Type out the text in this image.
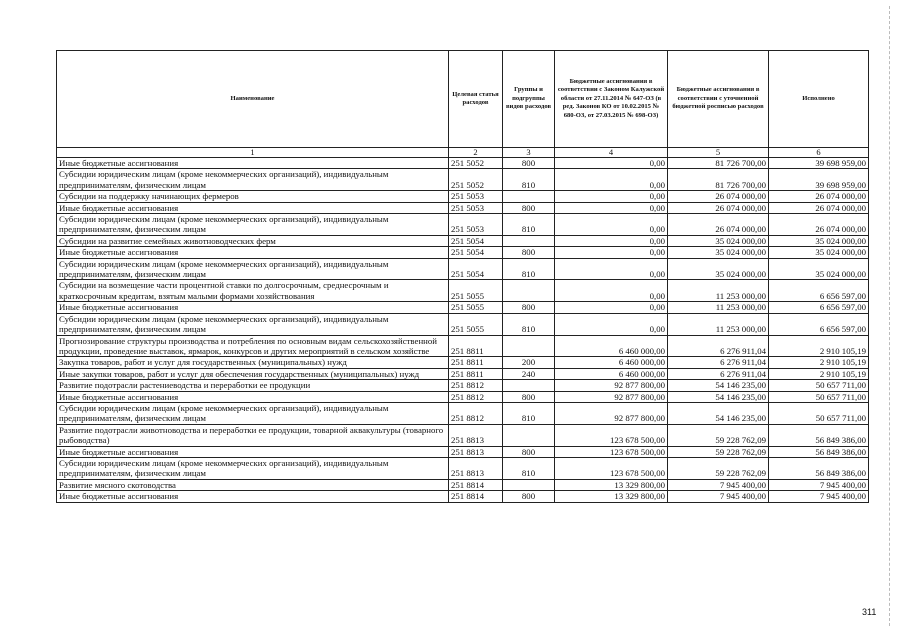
Наименование	Целевая статья расходов	Группы и подгруппы видов расходов	Бюджетные ассигнования в соответствии с Законом Калужской области от 27.11.2014 № 647-ОЗ (в ред. Законов КО от 10.02.2015 № 680-ОЗ, от 27.03.2015 № 698-ОЗ)	Бюджетные ассигнования в соответствии с уточненной бюджетной росписью расходов	Исполнено
1	2	3	4	5	6
Иные бюджетные ассигнования	251 5052	800	0,00	81 726 700,00	39 698 959,00
Субсидии юридическим лицам (кроме некоммерческих организаций), индивидуальным предпринимателям, физическим лицам	251 5052	810	0,00	81 726 700,00	39 698 959,00
Субсидии на поддержку начинающих фермеров	251 5053		0,00	26 074 000,00	26 074 000,00
Иные бюджетные ассигнования	251 5053	800	0,00	26 074 000,00	26 074 000,00
Субсидии юридическим лицам (кроме некоммерческих организаций), индивидуальным предпринимателям, физическим лицам	251 5053	810	0,00	26 074 000,00	26 074 000,00
Субсидии на развитие семейных животноводческих ферм	251 5054		0,00	35 024 000,00	35 024 000,00
Иные бюджетные ассигнования	251 5054	800	0,00	35 024 000,00	35 024 000,00
Субсидии юридическим лицам (кроме некоммерческих организаций), индивидуальным предпринимателям, физическим лицам	251 5054	810	0,00	35 024 000,00	35 024 000,00
Субсидии на возмещение части процентной ставки по долгосрочным, среднесрочным и краткосрочным кредитам, взятым малыми формами хозяйствования	251 5055		0,00	11 253 000,00	6 656 597,00
Иные бюджетные ассигнования	251 5055	800	0,00	11 253 000,00	6 656 597,00
Субсидии юридическим лицам (кроме некоммерческих организаций), индивидуальным предпринимателям, физическим лицам	251 5055	810	0,00	11 253 000,00	6 656 597,00
Прогнозирование структуры производства и потребления по основным видам сельскохозяйственной продукции, проведение выставок, ярмарок, конкурсов и других мероприятий в сельском хозяйстве	251 8811		6 460 000,00	6 276 911,04	2 910 105,19
Закупка товаров, работ и услуг для государственных (муниципальных) нужд	251 8811	200	6 460 000,00	6 276 911,04	2 910 105,19
Иные закупки товаров, работ и услуг для обеспечения государственных (муниципальных) нужд	251 8811	240	6 460 000,00	6 276 911,04	2 910 105,19
Развитие подотрасли растениеводства и переработки ее продукции	251 8812		92 877 800,00	54 146 235,00	50 657 711,00
Иные бюджетные ассигнования	251 8812	800	92 877 800,00	54 146 235,00	50 657 711,00
Субсидии юридическим лицам (кроме некоммерческих организаций), индивидуальным предпринимателям, физическим лицам	251 8812	810	92 877 800,00	54 146 235,00	50 657 711,00
Развитие подотрасли животноводства и переработки ее продукции, товарной аквакультуры (товарного рыбоводства)	251 8813		123 678 500,00	59 228 762,09	56 849 386,00
Иные бюджетные ассигнования	251 8813	800	123 678 500,00	59 228 762,09	56 849 386,00
Субсидии юридическим лицам (кроме некоммерческих организаций), индивидуальным предпринимателям, физическим лицам	251 8813	810	123 678 500,00	59 228 762,09	56 849 386,00
Развитие мясного скотоводства	251 8814		13 329 800,00	7 945 400,00	7 945 400,00
Иные бюджетные ассигнования	251 8814	800	13 329 800,00	7 945 400,00	7 945 400,00
311
